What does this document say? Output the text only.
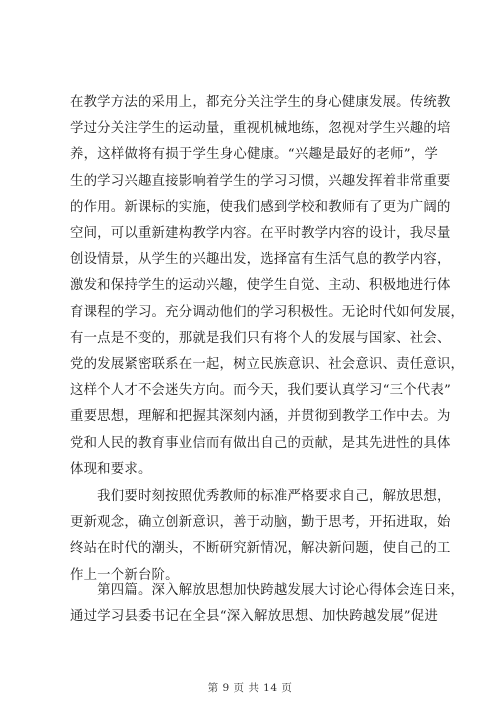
在教学方法的采用上，都充分关注学生的身心健康发展。传统教
学过分关注学生的运动量，重视机械地练，忽视对学生兴趣的培
养，这样做将有损于学生身心健康。“兴趣是最好的老师”，学
生的学习兴趣直接影响着学生的学习习惯，兴趣发挥着非常重要
的作用。新课标的实施，使我们感到学校和教师有了更为广阔的
空间，可以重新建构教学内容。在平时教学内容的设计，我尽量
创设情景，从学生的兴趣出发，选择富有生活气息的教学内容，
激发和保持学生的运动兴趣，使学生自觉、主动、积极地进行体
育课程的学习。充分调动他们的学习积极性。无论时代如何发展，
有一点是不变的，那就是我们只有将个人的发展与国家、社会、
党的发展紧密联系在一起，树立民族意识、社会意识、责任意识，
这样个人才不会迷失方向。而今天，我们要认真学习“三个代表”
重要思想，理解和把握其深刻内涵，并贯彻到教学工作中去。为
党和人民的教育事业信而有做出自己的贡献，是其先进性的具体
体现和要求。
　　我们要时刻按照优秀教师的标准严格要求自己，解放思想，
更新观念，确立创新意识，善于动脑，勤于思考，开拓进取，始
终站在时代的潮头，不断研究新情况，解决新问题，使自己的工
作上一个新台阶。
　　第四篇。深入解放思想加快跨越发展大讨论心得体会连日来，
通过学习县委书记在全县“深入解放思想、加快跨越发展”促进
第 9 页 共 14 页
